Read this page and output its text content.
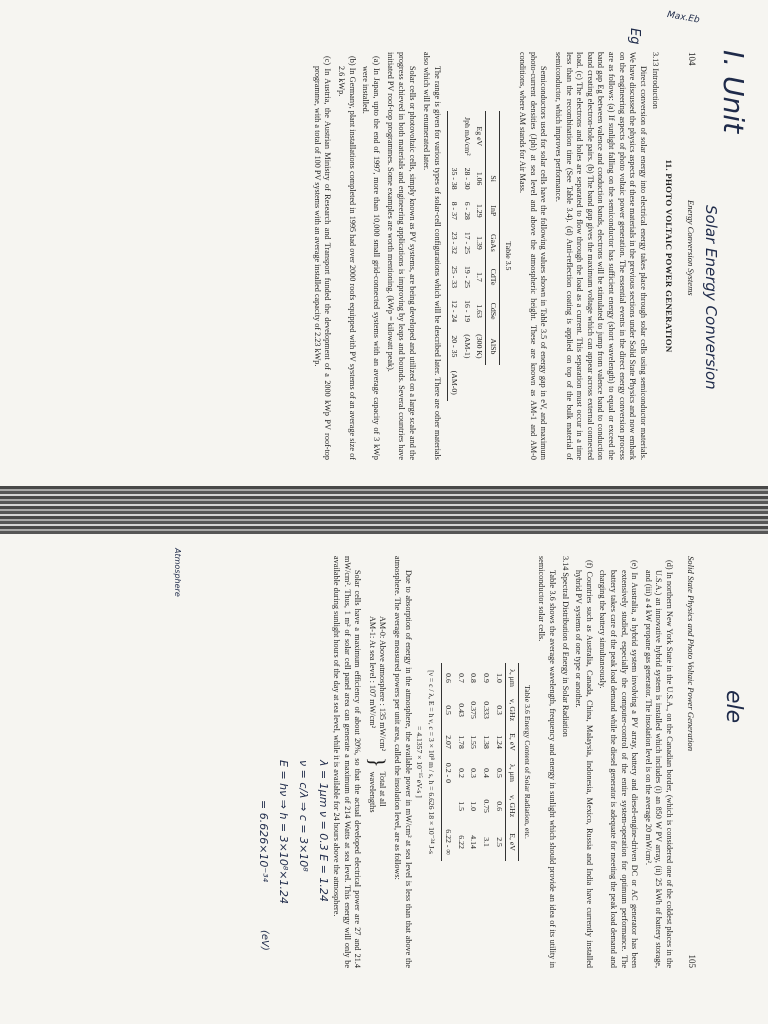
104
Energy Conversion Systems
11. PHOTO VOLTAIC POWER GENERATION
3.13 Introduction

Direct conversion of solar energy into electrical energy takes place through solar cells using semiconductor materials. We have discussed the physics aspects of these materials in the previous sections under Solid State Physics and now embark on the engineering aspects of photo voltaic power generation. The essential events in the direct energy conversion process are as follows: (a) If sunlight falling on the semiconductor has sufficient energy (short wavelength) to equal or exceed the band gap Eg between valence and conduction bands, electrons will be stimulated to jump from valence band to conduction band creating electron-hole pairs. (b) The band gap gives the maximum voltage which can appear across external connected load. (c) The electrons and holes are separated to flow through the load as a current. This separation must occur in a time less than the recombination time (See Table 3.4). (d) Anti-reflection coating is applied on top of the bulk material of semiconductor, which improves performance.

Semiconductors used for solar cells have the following values shown in Table 3.5 of energy gap in eV, and maximum photo-current densities (Jph) at sea level and above the atmospheric height. These are known as AM-1 and AM-0 conditions, where AM stands for Air Mass.

Table 3.5
	Si	InP	GaAs	CdTe	CdSe	AlSb	
Eg eV	1.06	1.29	1.39	1.7	1.63	(300 K)	
Jph mA/cm²	28 - 30	6 - 28	17 - 25	19 - 25	16 - 19	(AM-1)	
	35 - 38	8 - 37	23 - 32	25 - 33	12 - 24	20 - 35	(AM-0)

The range is given for various types of solar-cell configurations which will be described later. There are other materials also which will be enumerated later.

Solar cells or photovoltaic cells, simply known as PV systems, are being developed and utilized on a large scale and the progress achieved in both materials and engineering applications is improving by leaps and bounds. Several countries have initiated PV roof-top programmes. Some examples are worth mentioning. (kWp = kilowatt peak).

(a) In Japan, upto the end of 1997, more than 10,000 small grid-connected systems with an average capacity of 3 kWp were installed.

(b) In Germany, plant installations completed in 1995 had over 2000 roofs equipped with PV systems of an average size of 2.6 kWp.

(c) In Austria, the Austrian Ministry of Research and Transport funded the development of a 2000 kWp PV roof-top programme, with a total of 100 PV systems with an average installed capacity of 2.23 kWp.

Solid State Physics and Photo Voltaic Power Generation
105

(d) In northern New York State in the U.S.A., on the Canadian border, (which is considered one of the coldest places in the U.S.A.) an innovative hybrid system is installed which includes (i) an 850 W PV array, (ii) 25 kWh of battery storage, and (iii) a 4 kW propane gas generator. The insolation level is on the average 20 mW/cm².

(e) In Australia, a hybrid system involving a PV array, battery and diesel-engine-driven DC or AC generator has been extensively studied, especially the computer-control of the entire system-operation for optimum performance. The battery takes care of the peak load demand while the diesel generator is adequate for meeting the peak load demand and charging the battery simultaneously.

(f) Countries such as Australia, Canada, China, Malaysia, Indonesia, Mexico, Russia and India have currently installed hybrid PV systems of one type or another.

3.14 Spectral Distribution of Energy in Solar Radiation

Table 3.6 shows the average wavelength, frequency and energy in sunlight which should provide an idea of its utility in semiconductor solar cells.

Table 3.6 Energy Content of Solar Radiation, etc.
λ, μm	ν, GHz	E, eV	λ, μm	ν, GHz	E, eV
1.0	0.3	1.24	0.5	0.6	2.5
0.9	0.333	1.38	0.4	0.75	3.1
0.8	0.375	1.55	0.3	1.0	4.14
0.7	0.43	1.78	0.2	1.5	6.22
0.6	0.5	2.07	0.2 - 0		6.22 - ∞
[ν = c / λ, E = h ν, c = 3 × 10⁸ m / s, h = 6.626 18 × 10⁻³⁴ J-s
= 4.1357 × 10⁻¹⁵ eV-s ]

Due to absorption of energy in the atmosphere, the available power in mW/cm² at sea level is less than that above the atmosphere. The average measured powers per unit area, called the insolation level, are as follows:

AM-0: Above atmosphere : 135 mW/cm²
AM-1: At sea level : 107 mW/cm²
}
Total at all wavelengths

Solar cells have a maximum efficiency of about 20%, so that the actual developed electrical power are 27 and 21.4 mW/cm². Thus, 1 m² of solar cell panel area can generate a maximum of 214 Watts at sea level. This energy will only be available during sunlight hours of the day at sea level, while it is available for 24 hours above the atmosphere.

I. Unit
Solar Energy Conversion
ele
Eg
Max.Eb
Atmosphere
λ = 1μm ν = 0.3 E = 1.24
ν = c/λ ⇒ c = 3×10⁸
E = hν ⇒ h = 3×10⁸×1.24
= 6.626×10⁻³⁴
(eV)
